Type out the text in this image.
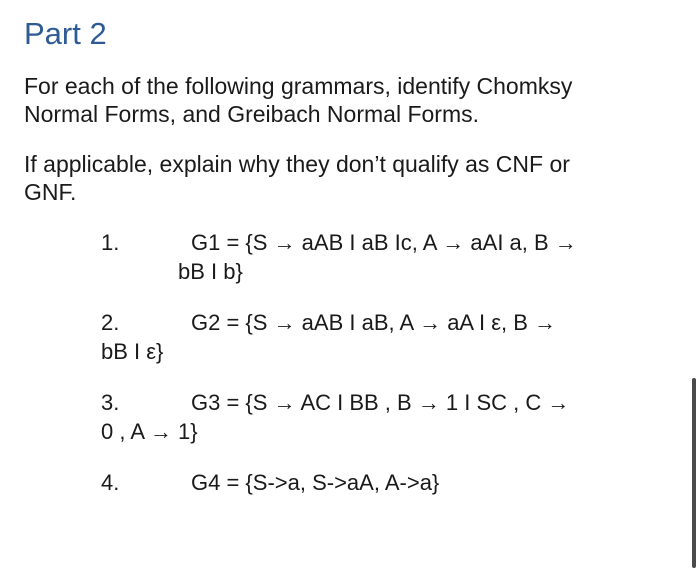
Part 2
For each of the following grammars, identify Chomksy
Normal Forms, and Greibach Normal Forms.
If applicable, explain why they don’t qualify as CNF or
GNF.
1.	G1 = {S → aAB I aB Ic, A → aAI a, B →
bB I b}
2.	G2 = {S → aAB I aB, A → aA I ε, B →
bB I ε}
3.	G3 = {S → AC I BB , B → 1 I SC , C →
0 , A → 1}
4.	G4 = {S->a, S->aA, A->a}
